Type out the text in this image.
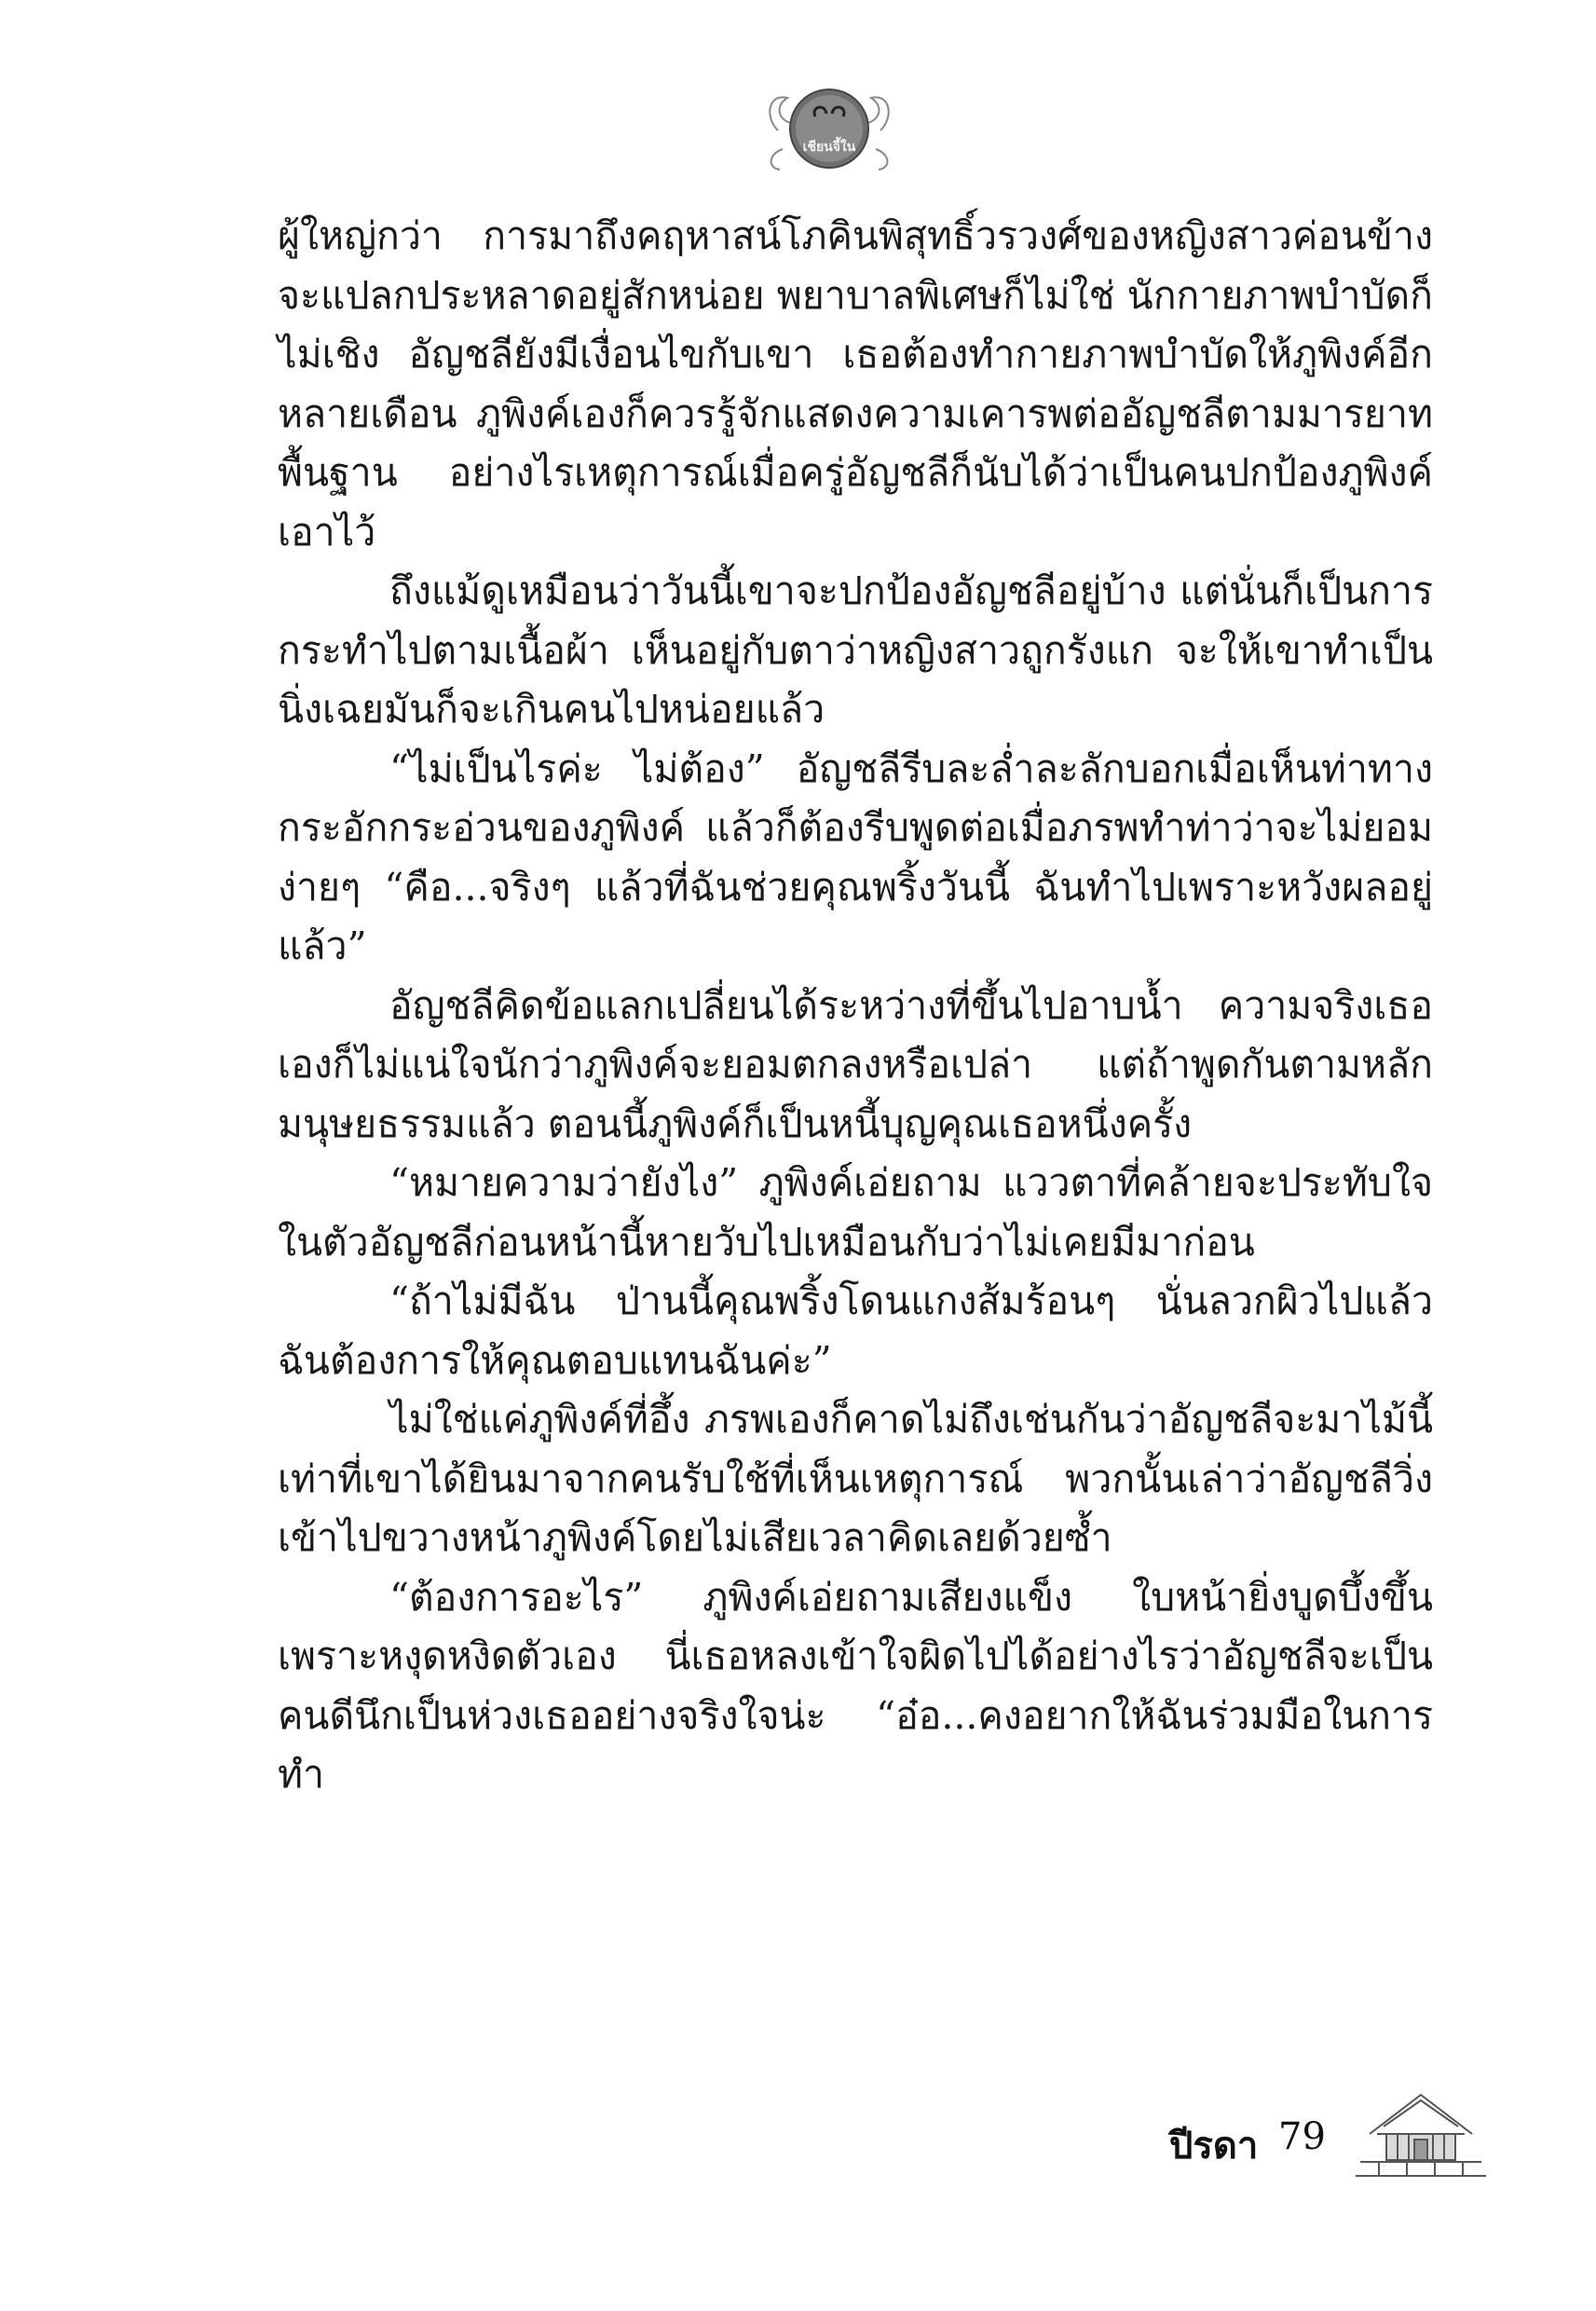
เชียนจี้ใน

ผู้ใหญ่กว่า การมาถึงคฤหาสน์โภคินพิสุทธิ์วรวงศ์ของหญิงสาวค่อนข้างจะแปลกประหลาดอยู่สักหน่อย พยาบาลพิเศษก็ไม่ใช่ นักกายภาพบำบัดก็ไม่เชิง อัญชลียังมีเงื่อนไขกับเขา เธอต้องทำกายภาพบำบัดให้ภูพิงค์อีกหลายเดือน ภูพิงค์เองก็ควรรู้จักแสดงความเคารพต่ออัญชลีตามมารยาทพื้นฐาน อย่างไรเหตุการณ์เมื่อครู่อัญชลีก็นับได้ว่าเป็นคนปกป้องภูพิงค์เอาไว้

ถึงแม้ดูเหมือนว่าวันนี้เขาจะปกป้องอัญชลีอยู่บ้าง แต่นั่นก็เป็นการกระทำไปตามเนื้อผ้า เห็นอยู่กับตาว่าหญิงสาวถูกรังแก จะให้เขาทำเป็นนิ่งเฉยมันก็จะเกินคนไปหน่อยแล้ว

“ไม่เป็นไรค่ะ ไม่ต้อง” อัญชลีรีบละล่ำละลักบอกเมื่อเห็นท่าทางกระอักกระอ่วนของภูพิงค์ แล้วก็ต้องรีบพูดต่อเมื่อภรพทำท่าว่าจะไม่ยอมง่ายๆ “คือ...จริงๆ แล้วที่ฉันช่วยคุณพริ้งวันนี้ ฉันทำไปเพราะหวังผลอยู่แล้ว”

อัญชลีคิดข้อแลกเปลี่ยนได้ระหว่างที่ขึ้นไปอาบน้ำ ความจริงเธอเองก็ไม่แน่ใจนักว่าภูพิงค์จะยอมตกลงหรือเปล่า แต่ถ้าพูดกันตามหลักมนุษยธรรมแล้ว ตอนนี้ภูพิงค์ก็เป็นหนี้บุญคุณเธอหนึ่งครั้ง

“หมายความว่ายังไง” ภูพิงค์เอ่ยถาม แววตาที่คล้ายจะประทับใจในตัวอัญชลีก่อนหน้านี้หายวับไปเหมือนกับว่าไม่เคยมีมาก่อน

“ถ้าไม่มีฉัน ป่านนี้คุณพริ้งโดนแกงส้มร้อนๆ นั่นลวกผิวไปแล้ว ฉันต้องการให้คุณตอบแทนฉันค่ะ”

ไม่ใช่แค่ภูพิงค์ที่อึ้ง ภรพเองก็คาดไม่ถึงเช่นกันว่าอัญชลีจะมาไม้นี้ เท่าที่เขาได้ยินมาจากคนรับใช้ที่เห็นเหตุการณ์ พวกนั้นเล่าว่าอัญชลีวิ่งเข้าไปขวางหน้าภูพิงค์โดยไม่เสียเวลาคิดเลยด้วยซ้ำ

“ต้องการอะไร” ภูพิงค์เอ่ยถามเสียงแข็ง ใบหน้ายิ่งบูดบึ้งขึ้นเพราะหงุดหงิดตัวเอง นี่เธอหลงเข้าใจผิดไปได้อย่างไรว่าอัญชลีจะเป็นคนดีนึกเป็นห่วงเธออย่างจริงใจน่ะ “อ๋อ...คงอยากให้ฉันร่วมมือในการทำ

ปีรดา 79
